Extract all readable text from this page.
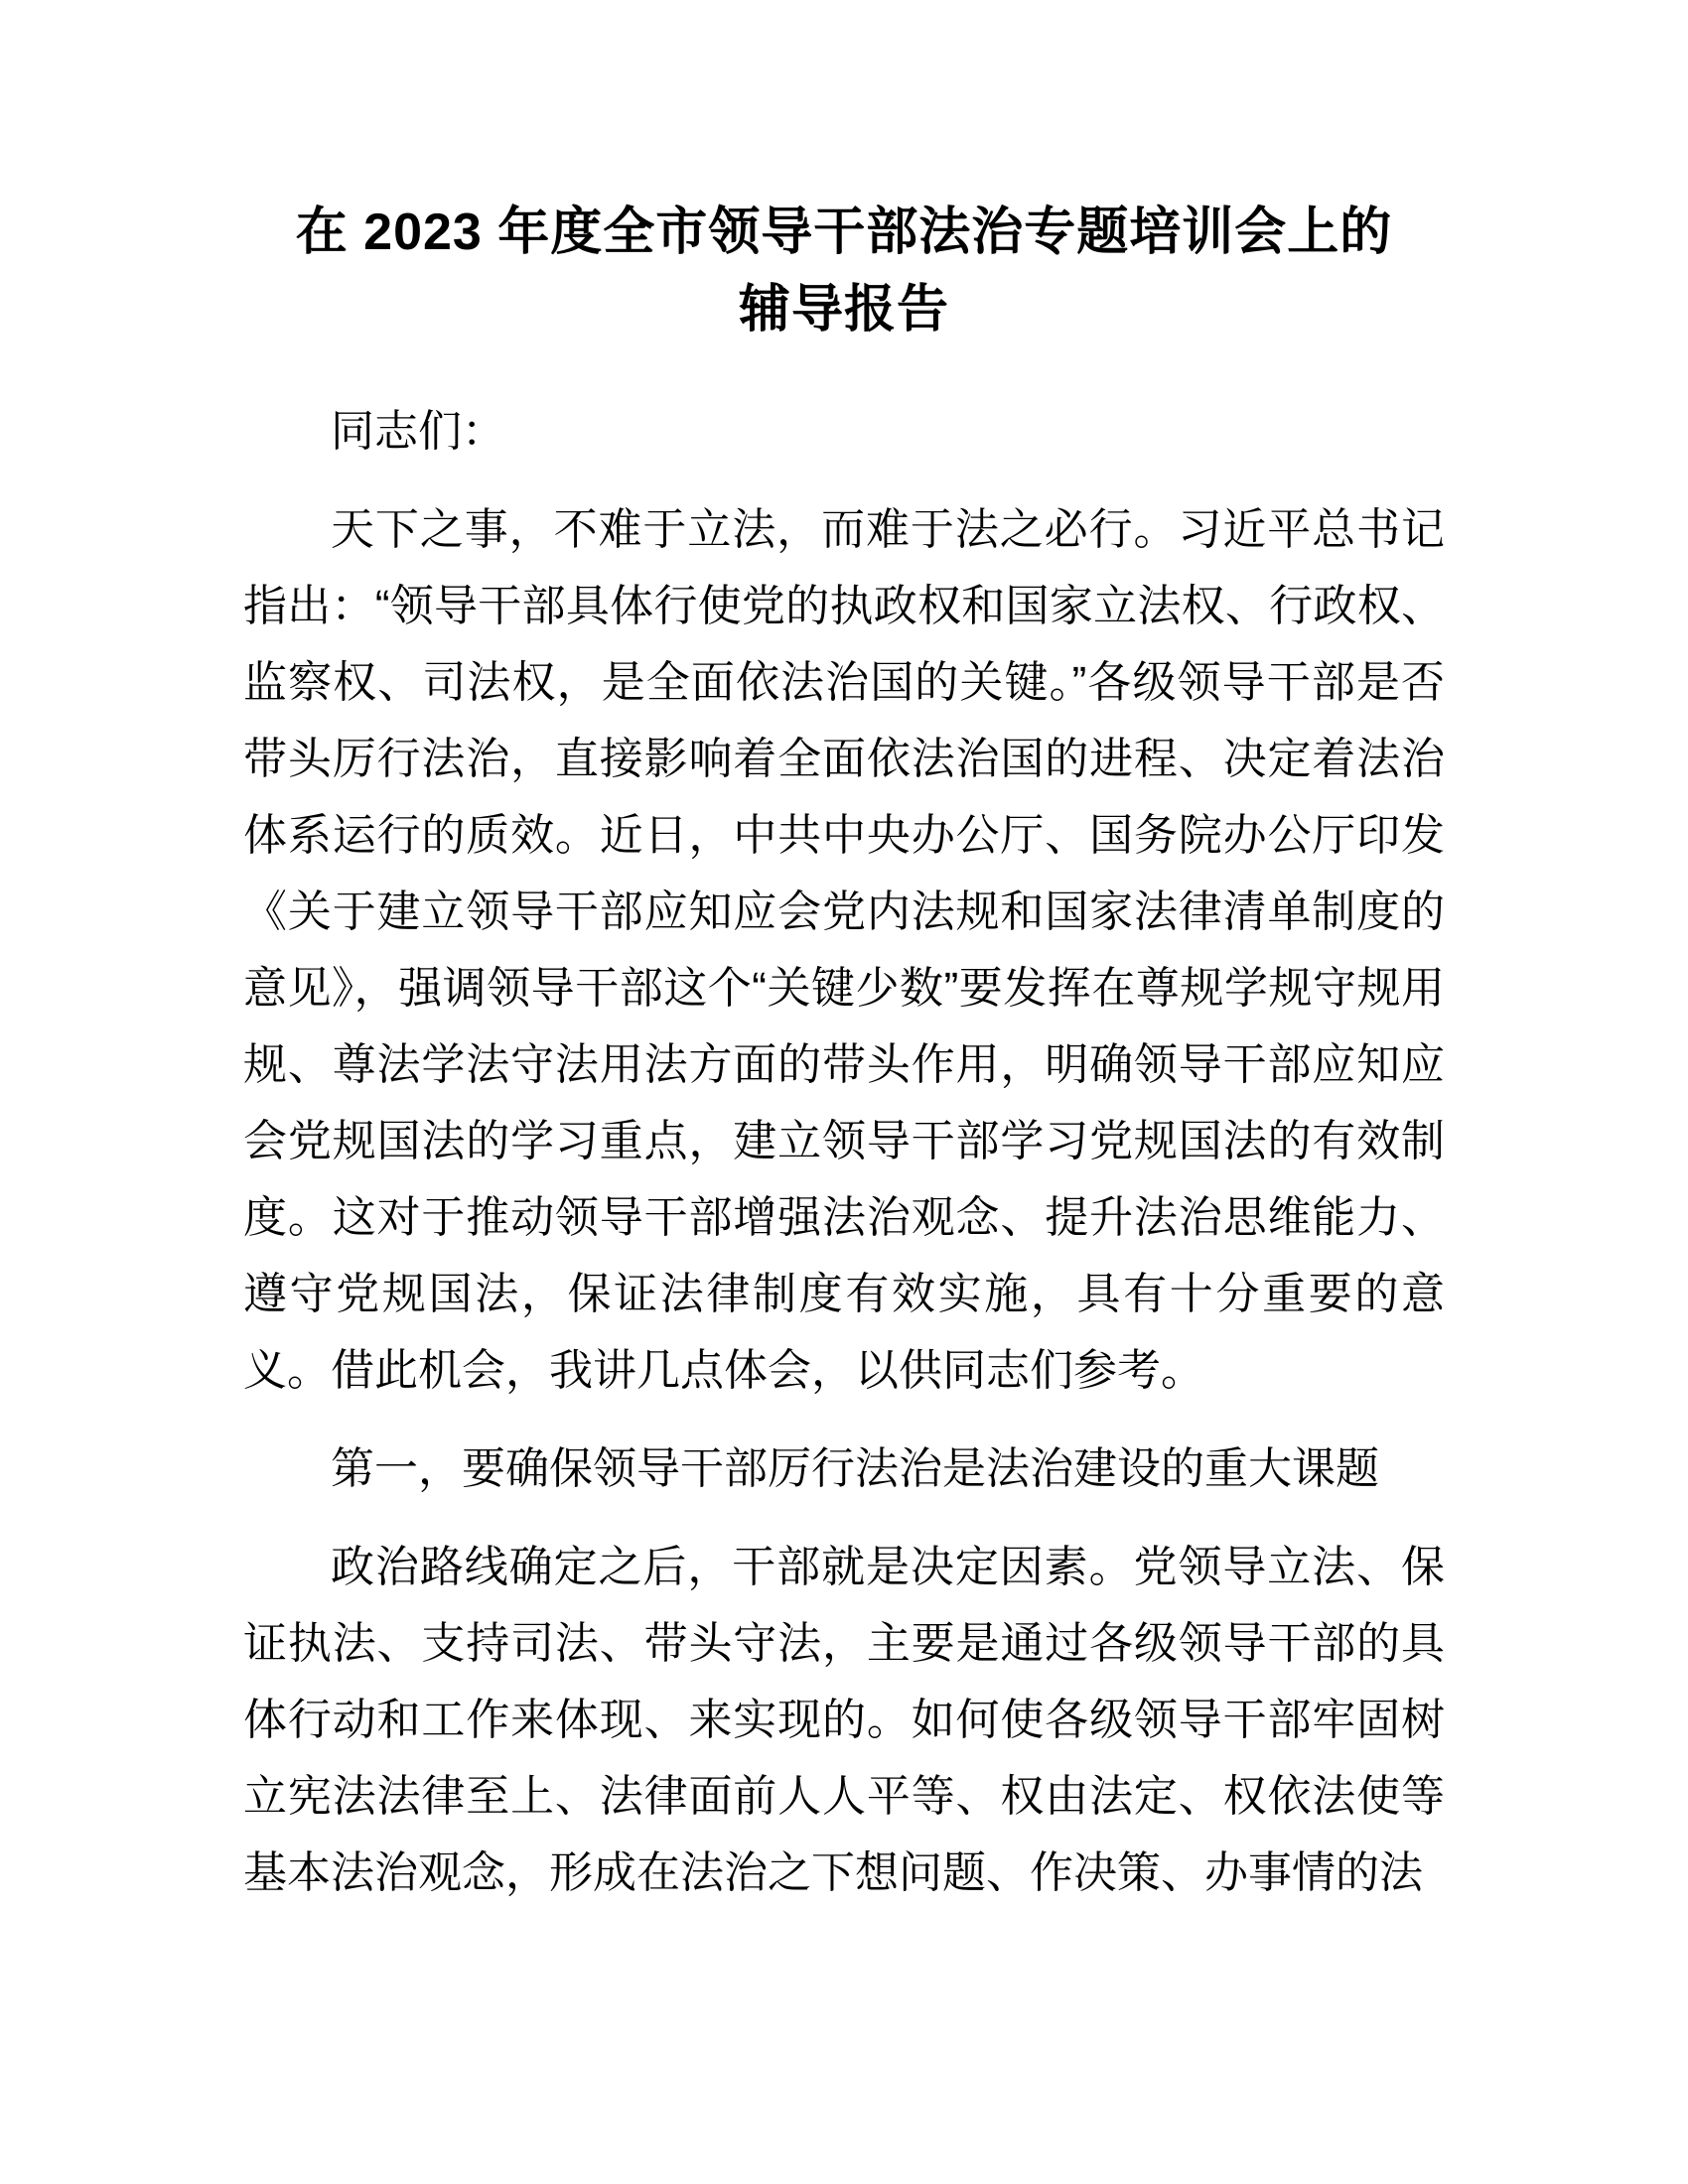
在 2023 年度全市领导干部法治专题培训会上的
辅导报告

同志们：

天下之事，不难于立法，而难于法之必行。习近平总书记指出：“领导干部具体行使党的执政权和国家立法权、行政权、监察权、司法权，是全面依法治国的关键。”各级领导干部是否带头厉行法治，直接影响着全面依法治国的进程、决定着法治体系运行的质效。近日，中共中央办公厅、国务院办公厅印发《关于建立领导干部应知应会党内法规和国家法律清单制度的意见》，强调领导干部这个“关键少数”要发挥在尊规学规守规用规、尊法学法守法用法方面的带头作用，明确领导干部应知应会党规国法的学习重点，建立领导干部学习党规国法的有效制度。这对于推动领导干部增强法治观念、提升法治思维能力、遵守党规国法，保证法律制度有效实施，具有十分重要的意义。借此机会，我讲几点体会，以供同志们参考。

第一，要确保领导干部厉行法治是法治建设的重大课题

政治路线确定之后，干部就是决定因素。党领导立法、保证执法、支持司法、带头守法，主要是通过各级领导干部的具体行动和工作来体现、来实现的。如何使各级领导干部牢固树立宪法法律至上、法律面前人人平等、权由法定、权依法使等基本法治观念，形成在法治之下想问题、作决策、办事情的法
